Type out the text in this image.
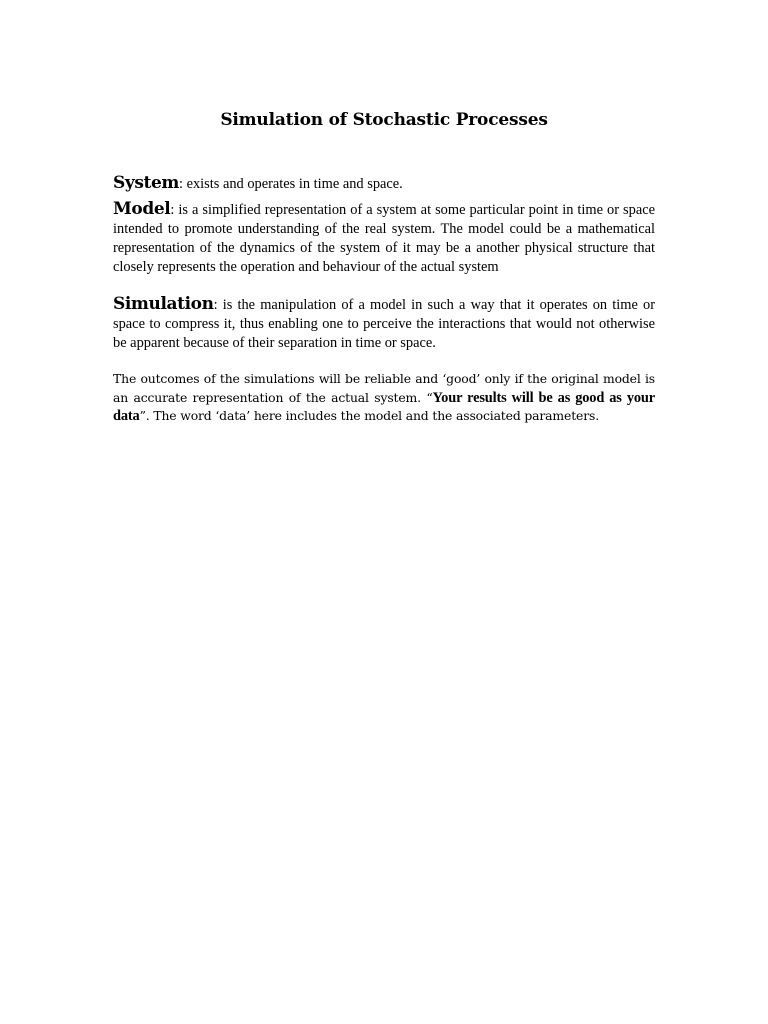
Simulation of Stochastic Processes
System: exists and operates in time and space.
Model: is a simplified representation of a system at some particular point in time or space intended to promote understanding of the real system. The model could be a mathematical representation of the dynamics of the system of it may be a another physical structure that closely represents the operation and behaviour of the actual system
Simulation: is the manipulation of a model in such a way that it operates on time or space to compress it, thus enabling one to perceive the interactions that would not otherwise be apparent because of their separation in time or space.
The outcomes of the simulations will be reliable and ‘good’ only if the original model is an accurate representation of the actual system. “Your results will be as good as your data”. The word ‘data’ here includes the model and the associated parameters.
